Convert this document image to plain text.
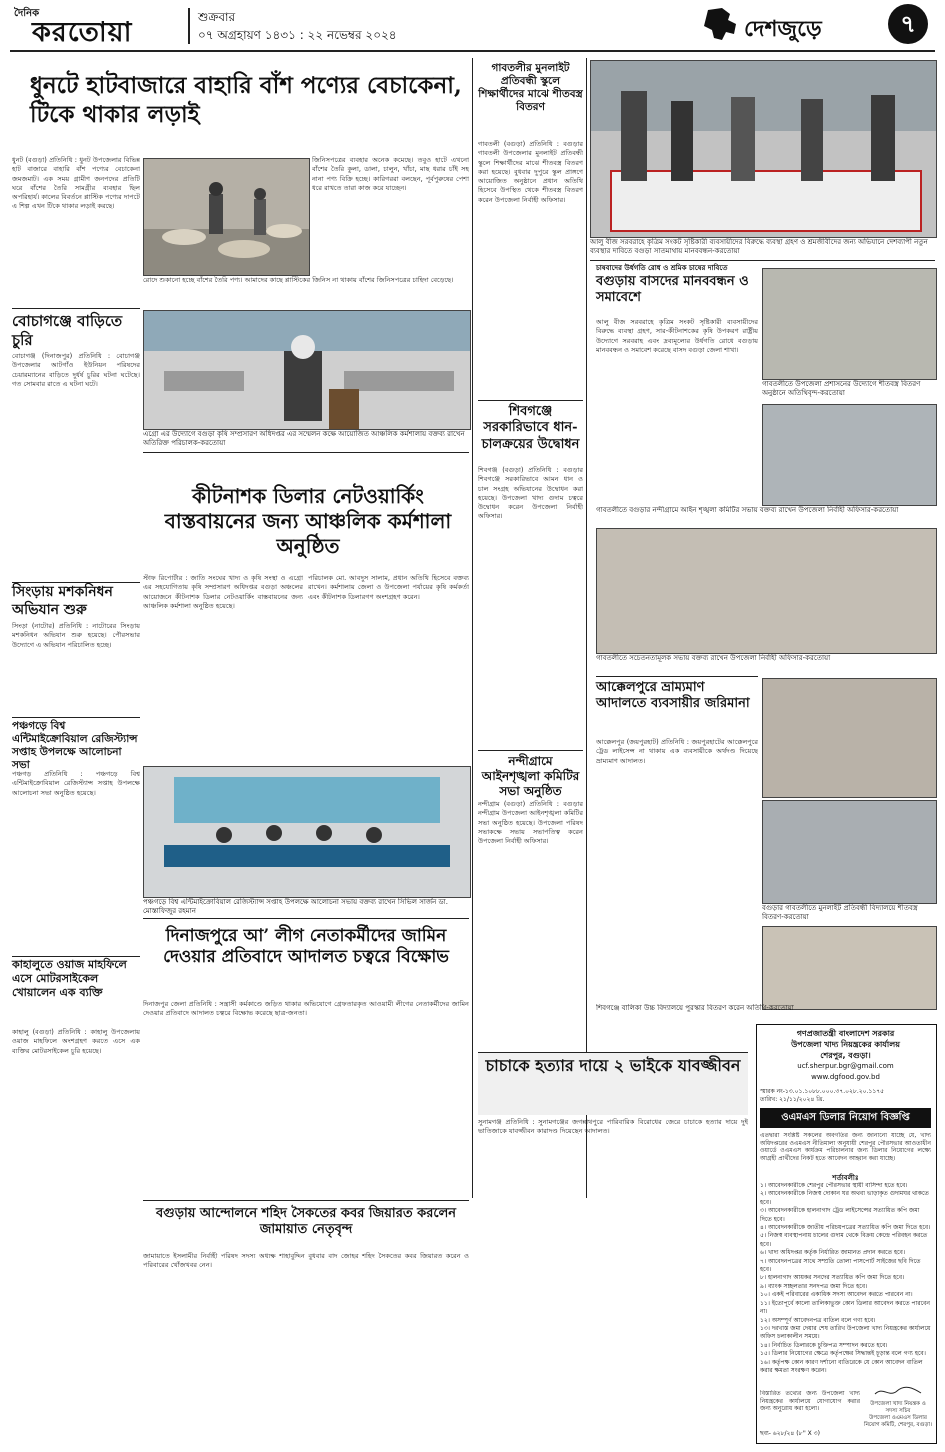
দৈনিক
করতোয়া	শুক্রবার
০৭ অগ্রহায়ণ ১৪৩১ : ২২ নভেম্বর ২০২৪	দেশজুড়ে	৭
ধুনটে হাটবাজারে বাহারি বাঁশ পণ্যের বেচাকেনা, টিকে থাকার লড়াই
ধুনট (বগুড়া) প্রতিনিধি : ধুনট উপজেলার বিভিন্ন হাট বাজারে বাহারি বাঁশ পণ্যের বেচাকেনা জমজমাট। এক সময় গ্রামীণ জনপদের প্রতিটি ঘরে বাঁশের তৈরি সামগ্রীর ব্যবহার ছিল অপরিহার্য। কালের বিবর্তনে প্লাস্টিক পণ্যের দাপটে এ শিল্প এখন টিকে থাকার লড়াই করছে।
জিনিসপত্রের ব্যবহার অনেক কমেছে। তবুও হাটে এখনো বাঁশের তৈরি কুলা, ডালা, চালুন, খাঁচা, মাছ ধরার চাঁই সহ নানা পণ্য বিক্রি হচ্ছে। কারিগররা বলছেন, পূর্বপুরুষের পেশা ধরে রাখতে তারা কাজ করে যাচ্ছেন।
রোদে শুকানো হচ্ছে বাঁশের তৈরি পণ্য। আমাদের কাছে প্লাস্টিকের জিনিস না থাকায় বাঁশের জিনিসপত্রের চাহিদা বেড়েছে।
বোচাগঞ্জে বাড়িতে চুরি
বোচাগঞ্জ (দিনাজপুর) প্রতিনিধি : বোচাগঞ্জ উপজেলার আটগাঁও ইউনিয়ন পরিষদের চেয়ারম্যানের বাড়িতে দুর্ধর্ষ চুরির ঘটনা ঘটেছে। গত সোমবার রাতে এ ঘটনা ঘটে।
সিংড়ায় মশকনিধন অভিযান শুরু
সিংড়া (নাটোর) প্রতিনিধি : নাটোরের সিংড়ায় মশকনিধন অভিযান শুরু হয়েছে। পৌরসভার উদ্যোগে এ অভিযান পরিচালিত হচ্ছে।
এগ্রো এর উদ্যোগে বগুড়া কৃষি সম্প্রসারণ অধিদপ্তর এর সম্মেলন কক্ষে আয়োজিত আঞ্চলিক কর্মশালায় বক্তব্য রাখেন অতিরিক্ত পরিচালক-করতোয়া
কীটনাশক ডিলার নেটওয়ার্কিং বাস্তবায়নের জন্য আঞ্চলিক কর্মশালা অনুষ্ঠিত
স্টাফ রিপোর্টার : জাতি সংঘের খাদ্য ও কৃষি সংস্থা ও এগ্রো এর সহযোগিতায় কৃষি সম্প্রসারণ অধিদপ্তর বগুড়া অঞ্চলের আয়োজনে কীটনাশক ডিলার নেটওয়ার্কিং বাস্তবায়নের জন্য আঞ্চলিক কর্মশালা অনুষ্ঠিত হয়েছে।
পরিচালক মো. আবদুস সালাম, প্রধান অতিথি হিসেবে বক্তব্য রাখেন। কর্মশালায় জেলা ও উপজেলা পর্যায়ের কৃষি কর্মকর্তা এবং কীটনাশক ডিলারগণ অংশগ্রহণ করেন।
পঞ্চগড়ে বিশ্ব এন্টিমাইক্রোবিয়াল রেজিস্ট্যান্স সপ্তাহ উপলক্ষে আলোচনা সভা
পঞ্চগড় প্রতিনিধি : পঞ্চগড়ে বিশ্ব এন্টিমাইক্রোবিয়াল রেজিস্ট্যান্স সপ্তাহ উপলক্ষে আলোচনা সভা অনুষ্ঠিত হয়েছে।
পঞ্চগড়ে বিশ্ব এন্টিমাইক্রোবিয়াল রেজিস্ট্যান্স সপ্তাহ উপলক্ষে আলোচনা সভায় বক্তব্য রাখেন সিভিল সার্জন ডা. মোস্তাফিজুর রহমান
কাহালুতে ওয়াজ মাহফিলে এসে মোটরসাইকেল খোয়ালেন এক ব্যক্তি
কাহালু (বগুড়া) প্রতিনিধি : কাহালু উপজেলায় ওয়াজ মাহফিলে অংশগ্রহণ করতে এসে এক ব্যক্তির মোটরসাইকেল চুরি হয়েছে।
দিনাজপুরে আ’ লীগ নেতাকর্মীদের জামিন দেওয়ার প্রতিবাদে আদালত চত্বরে বিক্ষোভ
দিনাজপুর জেলা প্রতিনিধি : সন্ত্রাসী কর্মকাণ্ডে জড়িত থাকার অভিযোগে গ্রেফতারকৃত আওয়ামী লীগের নেতাকর্মীদের জামিন দেওয়ার প্রতিবাদে আদালত চত্বরে বিক্ষোভ করেছে ছাত্র-জনতা।
বগুড়ায় আন্দোলনে শহিদ সৈকতের কবর জিয়ারত করলেন জামায়াত নেতৃবৃন্দ
জামায়াতে ইসলামীর নির্বাহী পরিষদ সদস্য অধ্যক্ষ শাহাবুদ্দিন বুধবার বাদ জোহর শহিদ সৈকতের কবর জিয়ারত করেন ও পরিবারের খোঁজখবর নেন।
গাবতলীর মুনলাইট প্রতিবন্ধী স্কুলে শিক্ষার্থীদের মাঝে শীতবস্ত্র বিতরণ
গাবতলী (বগুড়া) প্রতিনিধি : বগুড়ার গাবতলী উপজেলার মুনলাইট প্রতিবন্ধী স্কুলে শিক্ষার্থীদের মাঝে শীতবস্ত্র বিতরণ করা হয়েছে। বুধবার দুপুরে স্কুল প্রাঙ্গণে আয়োজিত অনুষ্ঠানে প্রধান অতিথি হিসেবে উপস্থিত থেকে শীতবস্ত্র বিতরণ করেন উপজেলা নির্বাহী অফিসার।
শিবগঞ্জে সরকারিভাবে ধান-চালক্রয়ের উদ্বোধন
শিবগঞ্জ (বগুড়া) প্রতিনিধি : বগুড়ার শিবগঞ্জে সরকারিভাবে আমন ধান ও চাল সংগ্রহ অভিযানের উদ্বোধন করা হয়েছে। উপজেলা খাদ্য গুদাম চত্বরে উদ্বোধন করেন উপজেলা নির্বাহী অফিসার।
নন্দীগ্রামে আইনশৃঙ্খলা কমিটির সভা অনুষ্ঠিত
নন্দীগ্রাম (বগুড়া) প্রতিনিধি : বগুড়ার নন্দীগ্রাম উপজেলা আইনশৃঙ্খলা কমিটির সভা অনুষ্ঠিত হয়েছে। উপজেলা পরিষদ সভাকক্ষে সভায় সভাপতিত্ব করেন উপজেলা নির্বাহী অফিসার।
চাচাকে হত্যার দায়ে ২ ভাইকে যাবজ্জীবন
সুনামগঞ্জ প্রতিনিধি : সুনামগঞ্জের জগন্নাথপুরে পারিবারিক বিরোধের জেরে চাচাকে হত্যার দায়ে দুই ভাতিজাকে যাবজ্জীবন কারাদণ্ড দিয়েছেন আদালত।
আলু বীজ সরবরাহে কৃত্রিম সংকট সৃষ্টিকারী ব্যবসায়ীদের বিরুদ্ধে ব্যবস্থা গ্রহণ ও শ্রমজীবীদের জন্য অভিযানে দেশব্যাপী নতুন ব্যবস্থার দাবিতে বগুড়া সাতমাথায় মানববন্ধন-করতোয়া
চাষবাদের উর্ধগতি রোধ ও শ্রমিক চাষের দাবিতে
বগুড়ায় বাসদের মানববন্ধন ও সমাবেশে
আলু বীজ সরবরাহে কৃত্রিম সংকট সৃষ্টিকারী ব্যবসায়ীদের বিরুদ্ধে ব্যবস্থা গ্রহণ, সার-কীটনাশকের কৃষি উপকরণ রাষ্ট্রীয় উদ্যোগে সরবরাহ এবং দ্রব্যমূল্যের উর্ধগতি রোধে বগুড়ায় মানববন্ধন ও সমাবেশ করেছে বাসদ বগুড়া জেলা শাখা।
গাবতলীতে উপজেলা প্রশাসনের উদ্যোগে শীতবস্ত্র বিতরণ অনুষ্ঠানে অতিথিবৃন্দ-করতোয়া
গাবতলীতে বগুড়ার নন্দীগ্রামে আইন শৃঙ্খলা কমিটির সভায় বক্তব্য রাখেন উপজেলা নির্বাহী অফিসার-করতোয়া
গাবতলীতে সচেতনতামূলক সভায় বক্তব্য রাখেন উপজেলা নির্বাহী অফিসার-করতোয়া
আক্কেলপুরে ভ্রাম্যমাণ আদালতে ব্যবসায়ীর জরিমানা
আক্কেলপুর (জয়পুরহাট) প্রতিনিধি : জয়পুরহাটের আক্কেলপুরে ট্রেড লাইসেন্স না থাকায় এক ব্যবসায়ীকে অর্থদণ্ড দিয়েছে ভ্রাম্যমাণ আদালত।
বগুড়ার গাবতলীতে মুনলাইট প্রতিবন্ধী বিদ্যালয়ে শীতবস্ত্র বিতরণ-করতোয়া
শিবগঞ্জে বালিকা উচ্চ বিদ্যালয়ে পুরস্কার বিতরণ করেন অতিথি-করতোয়া
গণপ্রজাতন্ত্রী বাংলাদেশ সরকার
উপজেলা খাদ্য নিয়ন্ত্রকের কার্যালয়
শেরপুর, বগুড়া।
ucf.sherpur.bgr@gmail.com
www.dgfood.gov.bd
স্মারক নং-১৩.০১.১০৮৮.০০০.৩৭.০২৮.২০.১১৭৫
তারিখ: ২১/১১/২০২৪ খ্রি.
ওএমএস ডিলার নিয়োগ বিজ্ঞপ্তি
এতদ্বারা সংশ্লিষ্ট সকলের অবগতির জন্য জানানো যাচ্ছে যে, খাদ্য অধিদপ্তরের ওএমএস নীতিমালা অনুযায়ী শেরপুর পৌরসভার আওতাধীন ওয়ার্ডে ওএমএস কার্যক্রম পরিচালনার জন্য ডিলার নিয়োগের লক্ষ্যে আগ্রহী প্রার্থীদের নিকট হতে আবেদন আহ্বান করা যাচ্ছে।
শর্তাবলীঃ
১। আবেদনকারীকে শেরপুর পৌরসভার স্থায়ী বাসিন্দা হতে হবে।
২। আবেদনকারীকে নিজস্ব দোকান ঘর অথবা ভাড়াকৃত গুদামঘর থাকতে হবে।
৩। আবেদনকারীকে হালনাগাদ ট্রেড লাইসেন্সের সত্যায়িত কপি জমা দিতে হবে।
৪। আবেদনকারীকে জাতীয় পরিচয়পত্রের সত্যায়িত কপি জমা দিতে হবে।
৫। নিজস্ব ব্যবস্থাপনায় চালের গুদাম থেকে বিক্রয় কেন্দ্রে পরিবহন করতে হবে।
৬। খাদ্য অধিদপ্তর কর্তৃক নির্ধারিত জামানত প্রদান করতে হবে।
৭। আবেদনপত্রের সাথে সম্প্রতি তোলা পাসপোর্ট সাইজের ছবি দিতে হবে।
৮। হালনাগাদ আয়কর সনদের সত্যায়িত কপি জমা দিতে হবে।
৯। ব্যাংক সচ্ছলতার সনদপত্র জমা দিতে হবে।
১০। একই পরিবারের একাধিক সদস্য আবেদন করতে পারবেন না।
১১। ইতোপূর্বে কালো তালিকাভুক্ত কোন ডিলার আবেদন করতে পারবেন না।
১২। অসম্পূর্ণ আবেদনপত্র বাতিল বলে গণ্য হবে।
১৩। দরখাস্ত জমা দেয়ার শেষ তারিখ উপজেলা খাদ্য নিয়ন্ত্রকের কার্যালয়ে অফিস চলাকালীন সময়ে।
১৪। নির্বাচিত ডিলারকে চুক্তিপত্র সম্পাদন করতে হবে।
১৫। ডিলার নিয়োগের ক্ষেত্রে কর্তৃপক্ষের সিদ্ধান্তই চূড়ান্ত বলে গণ্য হবে।
১৬। কর্তৃপক্ষ কোন কারণ দর্শানো ব্যতিরেকে যে কোন আবেদন বাতিল করার ক্ষমতা সংরক্ষণ করেন।
বিস্তারিত তথ্যের জন্য উপজেলা খাদ্য নিয়ন্ত্রকের কার্যালয়ে যোগাযোগ করার জন্য অনুরোধ করা হলো।
উপজেলা খাদ্য নিয়ন্ত্রক ও সদস্য সচিব
উপজেলা ওএমএস ডিলার নিয়োগ কমিটি, শেরপুর, বগুড়া।
ছব্য- ৬২৮/২৪ (৮'' X ৩)
